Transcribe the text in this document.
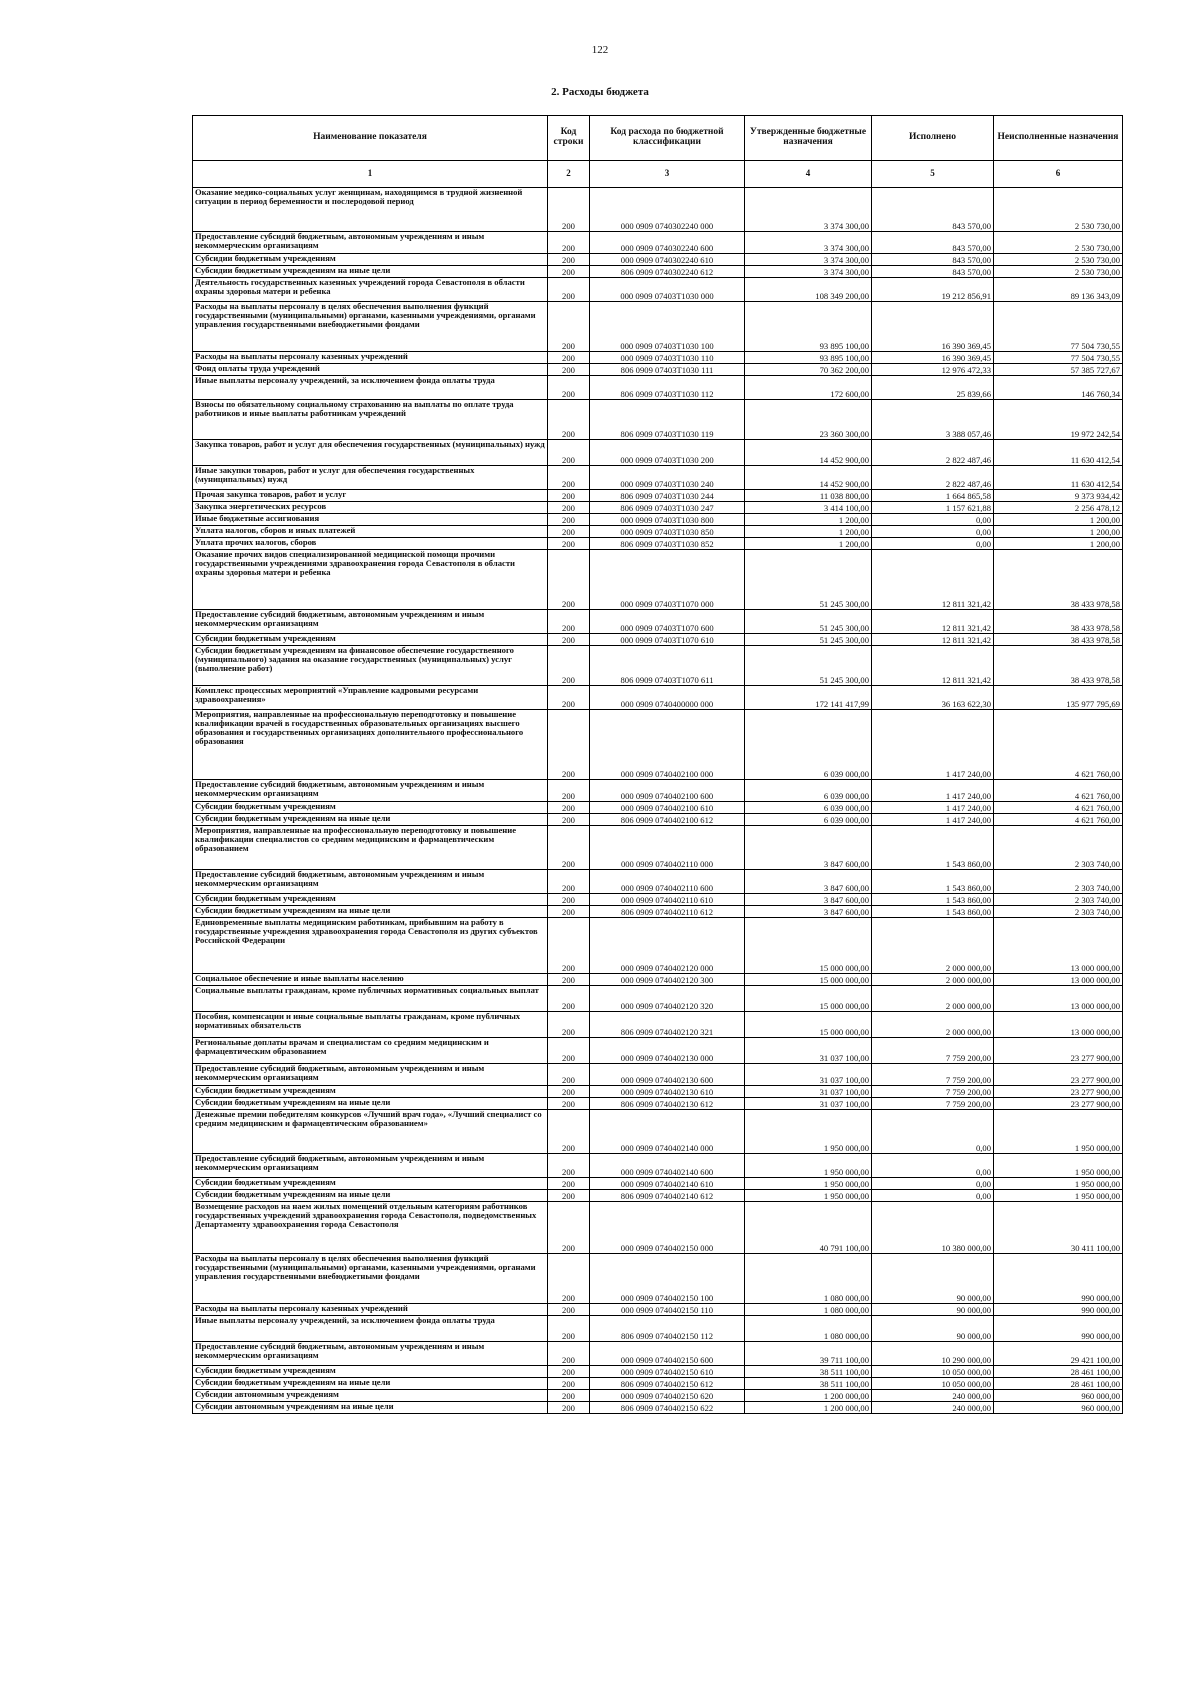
122
2. Расходы бюджета
Наименование показателя	Код строки	Код расхода по бюджетной классификации	Утвержденные бюджетные назначения	Исполнено	Неисполненные назначения
1	2	3	4	5	6
Оказание медико-социальных услуг женщинам, находящимся в трудной жизненной ситуации в период беременности и послеродовой период	200	000 0909 0740302240 000	3 374 300,00	843 570,00	2 530 730,00
Предоставление субсидий бюджетным, автономным учреждениям и иным некоммерческим организациям	200	000 0909 0740302240 600	3 374 300,00	843 570,00	2 530 730,00
Субсидии бюджетным учреждениям	200	000 0909 0740302240 610	3 374 300,00	843 570,00	2 530 730,00
Субсидии бюджетным учреждениям на иные цели	200	806 0909 0740302240 612	3 374 300,00	843 570,00	2 530 730,00
Деятельность государственных казенных учреждений города Севастополя в области охраны здоровья матери и ребенка	200	000 0909 07403Т1030 000	108 349 200,00	19 212 856,91	89 136 343,09
Расходы на выплаты персоналу в целях обеспечения выполнения функций государственными (муниципальными) органами, казенными учреждениями, органами управления государственными внебюджетными фондами	200	000 0909 07403Т1030 100	93 895 100,00	16 390 369,45	77 504 730,55
Расходы на выплаты персоналу казенных учреждений	200	000 0909 07403Т1030 110	93 895 100,00	16 390 369,45	77 504 730,55
Фонд оплаты труда учреждений	200	806 0909 07403Т1030 111	70 362 200,00	12 976 472,33	57 385 727,67
Иные выплаты персоналу учреждений, за исключением фонда оплаты труда	200	806 0909 07403Т1030 112	172 600,00	25 839,66	146 760,34
Взносы по обязательному социальному страхованию на выплаты по оплате труда работников и иные выплаты работникам учреждений	200	806 0909 07403Т1030 119	23 360 300,00	3 388 057,46	19 972 242,54
Закупка товаров, работ и услуг для обеспечения государственных (муниципальных) нужд	200	000 0909 07403Т1030 200	14 452 900,00	2 822 487,46	11 630 412,54
Иные закупки товаров, работ и услуг для обеспечения государственных (муниципальных) нужд	200	000 0909 07403Т1030 240	14 452 900,00	2 822 487,46	11 630 412,54
Прочая закупка товаров, работ и услуг	200	806 0909 07403Т1030 244	11 038 800,00	1 664 865,58	9 373 934,42
Закупка энергетических ресурсов	200	806 0909 07403Т1030 247	3 414 100,00	1 157 621,88	2 256 478,12
Иные бюджетные ассигнования	200	000 0909 07403Т1030 800	1 200,00	0,00	1 200,00
Уплата налогов, сборов и иных платежей	200	000 0909 07403Т1030 850	1 200,00	0,00	1 200,00
Уплата прочих налогов, сборов	200	806 0909 07403Т1030 852	1 200,00	0,00	1 200,00
Оказание прочих видов специализированной медицинской помощи прочими государственными учреждениями здравоохранения города Севастополя в области охраны здоровья матери и ребенка	200	000 0909 07403Т1070 000	51 245 300,00	12 811 321,42	38 433 978,58
Предоставление субсидий бюджетным, автономным учреждениям и иным некоммерческим организациям	200	000 0909 07403Т1070 600	51 245 300,00	12 811 321,42	38 433 978,58
Субсидии бюджетным учреждениям	200	000 0909 07403Т1070 610	51 245 300,00	12 811 321,42	38 433 978,58
Субсидии бюджетным учреждениям на финансовое обеспечение государственного (муниципального) задания на оказание государственных (муниципальных) услуг (выполнение работ)	200	806 0909 07403Т1070 611	51 245 300,00	12 811 321,42	38 433 978,58
Комплекс процессных мероприятий «Управление кадровыми ресурсами здравоохранения»	200	000 0909 0740400000 000	172 141 417,99	36 163 622,30	135 977 795,69
Мероприятия, направленные на профессиональную переподготовку и повышение квалификации врачей в государственных образовательных организациях высшего образования и государственных организациях дополнительного профессионального образования	200	000 0909 0740402100 000	6 039 000,00	1 417 240,00	4 621 760,00
Предоставление субсидий бюджетным, автономным учреждениям и иным некоммерческим организациям	200	000 0909 0740402100 600	6 039 000,00	1 417 240,00	4 621 760,00
Субсидии бюджетным учреждениям	200	000 0909 0740402100 610	6 039 000,00	1 417 240,00	4 621 760,00
Субсидии бюджетным учреждениям на иные цели	200	806 0909 0740402100 612	6 039 000,00	1 417 240,00	4 621 760,00
Мероприятия, направленные на профессиональную переподготовку и повышение квалификации специалистов со средним медицинским и фармацевтическим образованием	200	000 0909 0740402110 000	3 847 600,00	1 543 860,00	2 303 740,00
Предоставление субсидий бюджетным, автономным учреждениям и иным некоммерческим организациям	200	000 0909 0740402110 600	3 847 600,00	1 543 860,00	2 303 740,00
Субсидии бюджетным учреждениям	200	000 0909 0740402110 610	3 847 600,00	1 543 860,00	2 303 740,00
Субсидии бюджетным учреждениям на иные цели	200	806 0909 0740402110 612	3 847 600,00	1 543 860,00	2 303 740,00
Единовременные выплаты медицинским работникам, прибывшим на работу в государственные учреждения здравоохранения города Севастополя из других субъектов Российской Федерации	200	000 0909 0740402120 000	15 000 000,00	2 000 000,00	13 000 000,00
Социальное обеспечение и иные выплаты населению	200	000 0909 0740402120 300	15 000 000,00	2 000 000,00	13 000 000,00
Социальные выплаты гражданам, кроме публичных нормативных социальных выплат	200	000 0909 0740402120 320	15 000 000,00	2 000 000,00	13 000 000,00
Пособия, компенсации и иные социальные выплаты гражданам, кроме публичных нормативных обязательств	200	806 0909 0740402120 321	15 000 000,00	2 000 000,00	13 000 000,00
Региональные доплаты врачам и специалистам со средним медицинским и фармацевтическим образованием	200	000 0909 0740402130 000	31 037 100,00	7 759 200,00	23 277 900,00
Предоставление субсидий бюджетным, автономным учреждениям и иным некоммерческим организациям	200	000 0909 0740402130 600	31 037 100,00	7 759 200,00	23 277 900,00
Субсидии бюджетным учреждениям	200	000 0909 0740402130 610	31 037 100,00	7 759 200,00	23 277 900,00
Субсидии бюджетным учреждениям на иные цели	200	806 0909 0740402130 612	31 037 100,00	7 759 200,00	23 277 900,00
Денежные премии победителям конкурсов «Лучший врач года», «Лучший специалист со средним медицинским и фармацевтическим образованием»	200	000 0909 0740402140 000	1 950 000,00	0,00	1 950 000,00
Предоставление субсидий бюджетным, автономным учреждениям и иным некоммерческим организациям	200	000 0909 0740402140 600	1 950 000,00	0,00	1 950 000,00
Субсидии бюджетным учреждениям	200	000 0909 0740402140 610	1 950 000,00	0,00	1 950 000,00
Субсидии бюджетным учреждениям на иные цели	200	806 0909 0740402140 612	1 950 000,00	0,00	1 950 000,00
Возмещение расходов на наем жилых помещений отдельным категориям работников государственных учреждений здравоохранения города Севастополя, подведомственных Департаменту здравоохранения города Севастополя	200	000 0909 0740402150 000	40 791 100,00	10 380 000,00	30 411 100,00
Расходы на выплаты персоналу в целях обеспечения выполнения функций государственными (муниципальными) органами, казенными учреждениями, органами управления государственными внебюджетными фондами	200	000 0909 0740402150 100	1 080 000,00	90 000,00	990 000,00
Расходы на выплаты персоналу казенных учреждений	200	000 0909 0740402150 110	1 080 000,00	90 000,00	990 000,00
Иные выплаты персоналу учреждений, за исключением фонда оплаты труда	200	806 0909 0740402150 112	1 080 000,00	90 000,00	990 000,00
Предоставление субсидий бюджетным, автономным учреждениям и иным некоммерческим организациям	200	000 0909 0740402150 600	39 711 100,00	10 290 000,00	29 421 100,00
Субсидии бюджетным учреждениям	200	000 0909 0740402150 610	38 511 100,00	10 050 000,00	28 461 100,00
Субсидии бюджетным учреждениям на иные цели	200	806 0909 0740402150 612	38 511 100,00	10 050 000,00	28 461 100,00
Субсидии автономным учреждениям	200	000 0909 0740402150 620	1 200 000,00	240 000,00	960 000,00
Субсидии автономным учреждениям на иные цели	200	806 0909 0740402150 622	1 200 000,00	240 000,00	960 000,00
